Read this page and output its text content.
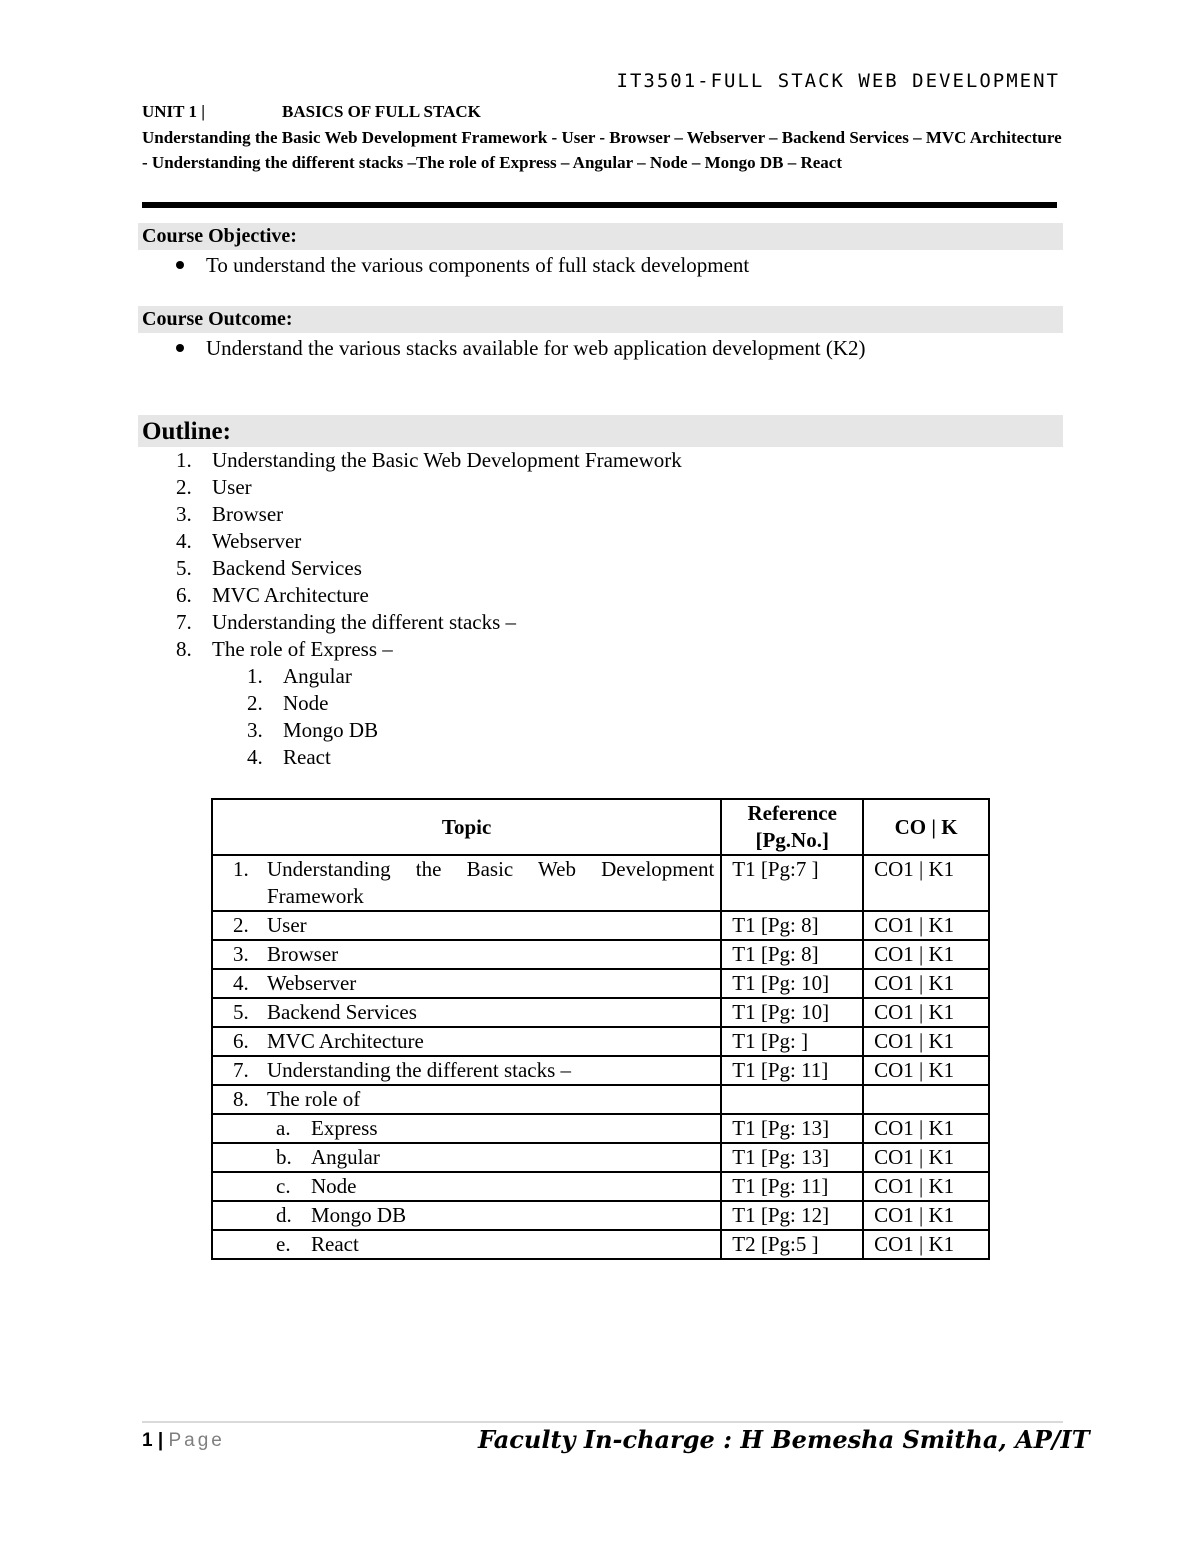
IT3501-FULL STACK WEB DEVELOPMENT
UNIT 1 |	BASICS OF FULL STACK
Understanding the Basic Web Development Framework - User - Browser – Webserver – Backend Services – MVC Architecture - Understanding the different stacks –The role of Express – Angular – Node – Mongo DB – React
Course Objective:
To understand the various components of full stack development
Course Outcome:
Understand the various stacks available for web application development (K2)
Outline:
1. Understanding the Basic Web Development Framework
2. User
3. Browser
4. Webserver
5. Backend Services
6. MVC Architecture
7. Understanding the different stacks –
8. The role of Express –
1. Angular
2. Node
3. Mongo DB
4. React
Topic	Reference [Pg.No.]	CO | K

1. Understanding the Basic Web Development Framework	T1 [Pg:7 ]	CO1 | K1

2. User	T1 [Pg: 8]	CO1 | K1

3. Browser	T1 [Pg: 8]	CO1 | K1

4. Webserver	T1 [Pg: 10]	CO1 | K1

5. Backend Services	T1 [Pg: 10]	CO1 | K1

6. MVC Architecture	T1 [Pg: ]	CO1 | K1

7. Understanding the different stacks –	T1 [Pg: 11]	CO1 | K1

8. The role of		

a. Express	T1 [Pg: 13]	CO1 | K1

b. Angular	T1 [Pg: 13]	CO1 | K1

c. Node	T1 [Pg: 11]	CO1 | K1

d. Mongo DB	T1 [Pg: 12]	CO1 | K1

e. React	T2 [Pg:5 ]	CO1 | K1
1 | Page	Faculty In-charge : H Bemesha Smitha, AP/IT
